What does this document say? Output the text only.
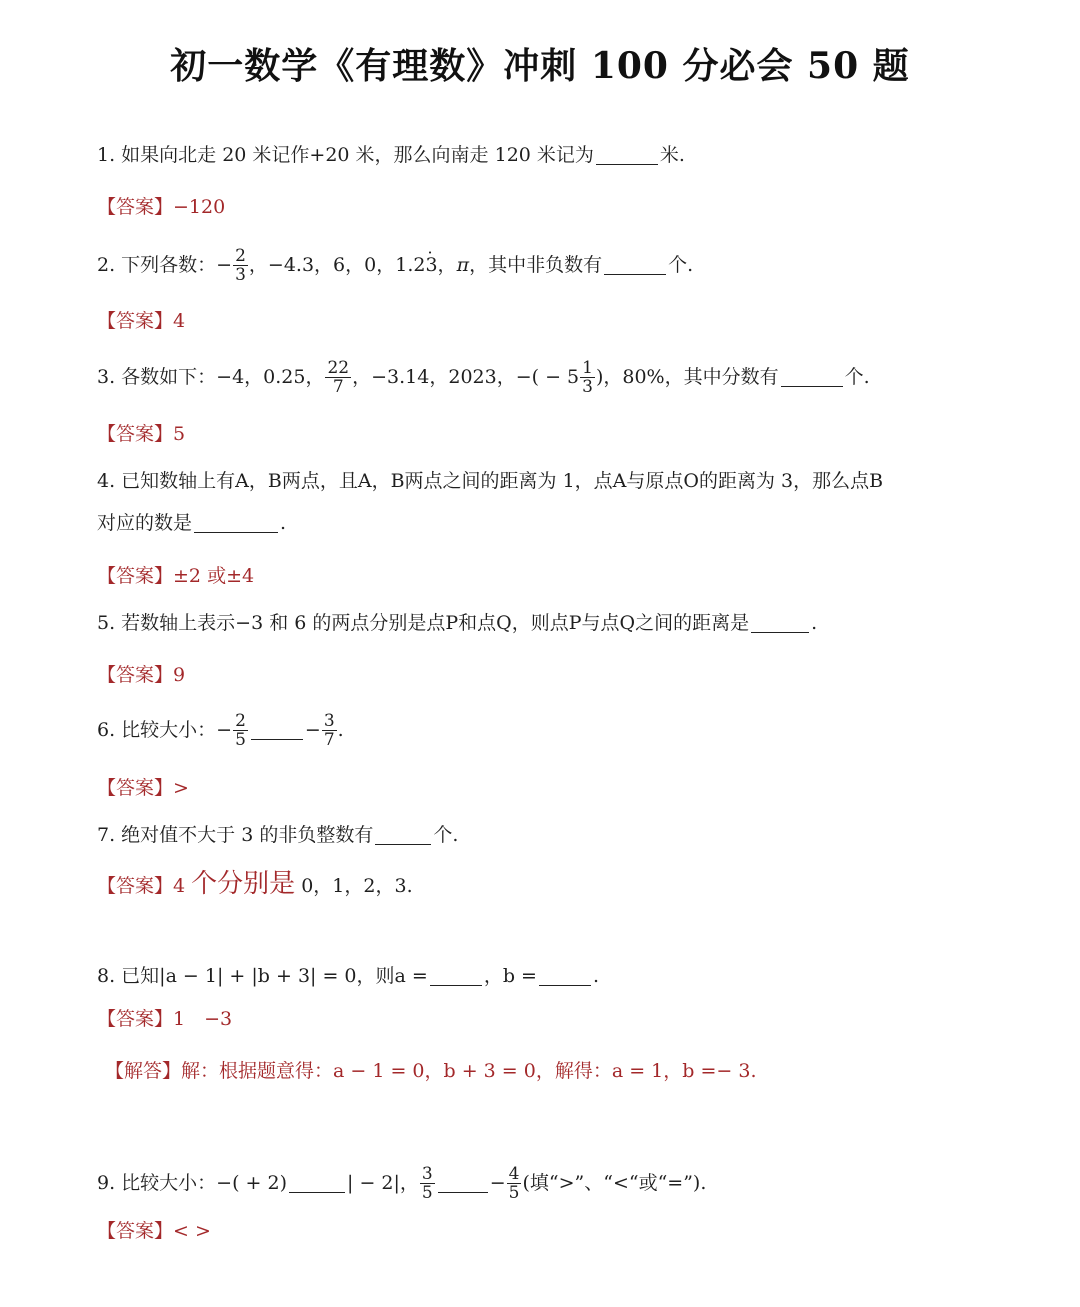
初一数学《有理数》冲刺 100 分必会 50 题
1. 如果向北走 20 米记作+20 米，那么向南走 120 米记为	米.
【答案】−120
2. 下列各数：− $\frac{2}{3}$ ，−4.3，6，0，1.2
· 3 ， π ，其中非负数有	个.
【答案】4
3. 各数如下：−4，0.25， $\frac{22}{7}$ ，−3.14，2023，−( − $5 \frac{1}{3}$ )，80%，其中分数有	个.
【答案】5
4. 已知数轴上有A，B两点，且A，B两点之间的距离为 1，点A与原点O的距离为 3，那么点B
对应的数是	.
【答案】±2 或±4
5. 若数轴上表示−3 和 6 的两点分别是点P和点Q，则点P与点Q之间的距离是	.
【答案】9
6. 比较大小：− $\frac{2}{5}$	− $\frac{3}{7}$ .
【答案】>
7. 绝对值不大于 3 的非负整数有	个.
【答案】4 个分别是 0，1，2，3.
8. 已知|a − 1| + |b + 3| = 0，则a =	，b =	.
【答案】1　−3
【解答】解：根据题意得：a − 1 = 0，b + 3 = 0，解得：a = 1，b =− 3.
9. 比较大小：−( + 2)	| − 2|， $\frac{3}{5}$	− $\frac{4}{5}$ (填“>”、“<“或“=”).
【答案】< >
